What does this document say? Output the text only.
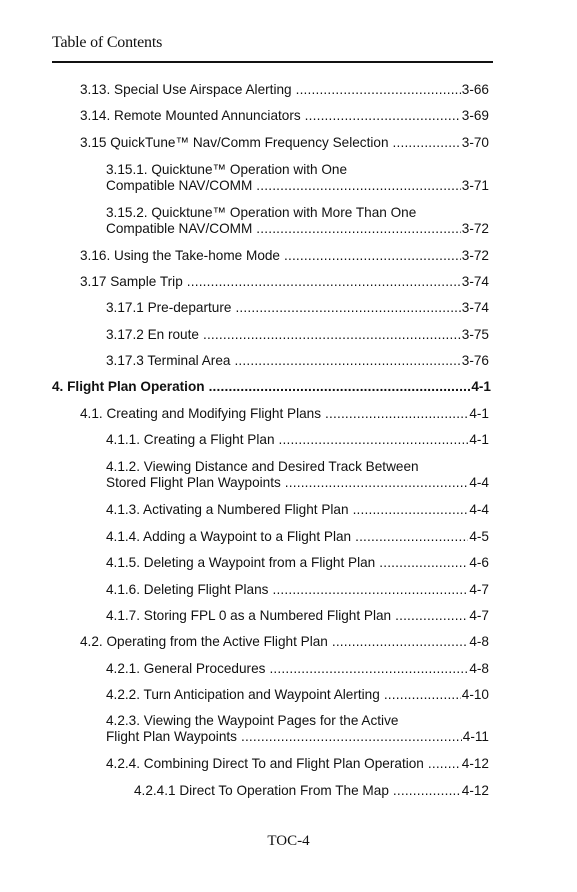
Table of Contents
3.13. Special Use Airspace Alerting .....	3-66
3.14. Remote Mounted Annunciators .....	3-69
3.15 QuickTune™ Nav/Comm Frequency Selection .....	3-70
3.15.1. Quicktune™ Operation with One
Compatible NAV/COMM .....	3-71
3.15.2. Quicktune™ Operation with More Than One
Compatible NAV/COMM .....	3-72
3.16. Using the Take-home Mode .....	3-72
3.17 Sample Trip .....	3-74
3.17.1 Pre-departure .....	3-74
3.17.2 En route .....	3-75
3.17.3 Terminal Area .....	3-76
4. Flight Plan Operation .....	4-1
4.1. Creating and Modifying Flight Plans .....	4-1
4.1.1. Creating a Flight Plan .....	4-1
4.1.2. Viewing Distance and Desired Track Between
Stored Flight Plan Waypoints .....	4-4
4.1.3. Activating a Numbered Flight Plan .....	4-4
4.1.4. Adding a Waypoint to a Flight Plan .....	4-5
4.1.5. Deleting a Waypoint from a Flight Plan .....	4-6
4.1.6. Deleting Flight Plans .....	4-7
4.1.7. Storing FPL 0 as a Numbered Flight Plan .....	4-7
4.2. Operating from the Active Flight Plan .....	4-8
4.2.1. General Procedures .....	4-8
4.2.2. Turn Anticipation and Waypoint Alerting .....	4-10
4.2.3. Viewing the Waypoint Pages for the Active
Flight Plan Waypoints .....	4-11
4.2.4. Combining Direct To and Flight Plan Operation .....	4-12
4.2.4.1 Direct To Operation From The Map .....	4-12
TOC-4
